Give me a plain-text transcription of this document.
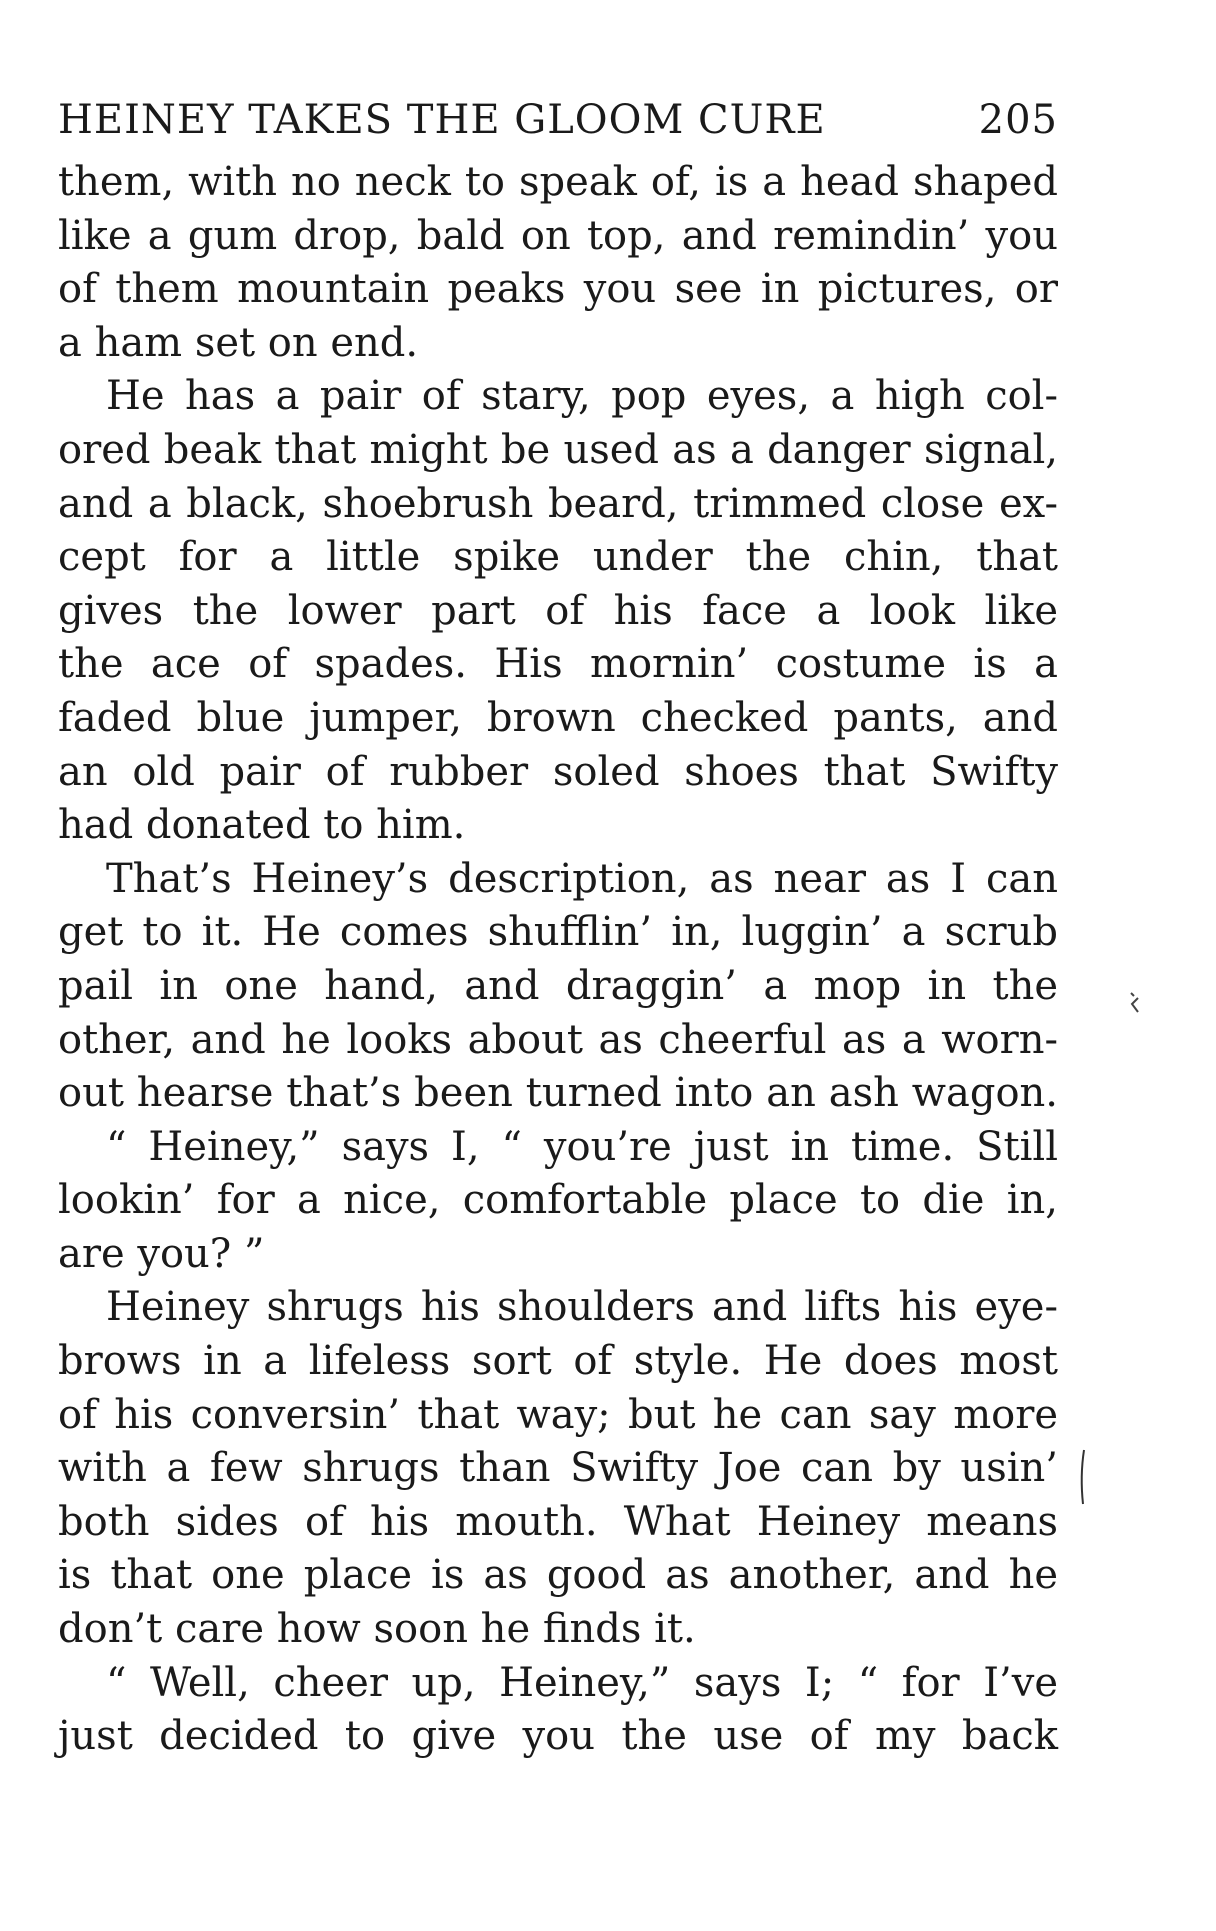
HEINEY TAKES THE GLOOM CURE	205
them, with no neck to speak of, is a head shaped
like a gum drop, bald on top, and remindin’ you
of them mountain peaks you see in pictures, or
a ham set on end.
He has a pair of stary, pop eyes, a high col-
ored beak that might be used as a danger signal,
and a black, shoebrush beard, trimmed close ex-
cept for a little spike under the chin, that
gives the lower part of his face a look like
the ace of spades. His mornin’ costume is a
faded blue jumper, brown checked pants, and
an old pair of rubber soled shoes that Swifty
had donated to him.
That’s Heiney’s description, as near as I can
get to it. He comes shufflin’ in, luggin’ a scrub
pail in one hand, and draggin’ a mop in the
other, and he looks about as cheerful as a worn-
out hearse that’s been turned into an ash wagon.
“ Heiney,” says I, “ you’re just in time. Still
lookin’ for a nice, comfortable place to die in,
are you? ”
Heiney shrugs his shoulders and lifts his eye-
brows in a lifeless sort of style. He does most
of his conversin’ that way; but he can say more
with a few shrugs than Swifty Joe can by usin’
both sides of his mouth. What Heiney means
is that one place is as good as another, and he
don’t care how soon he finds it.
“ Well, cheer up, Heiney,” says I; “ for I’ve
just decided to give you the use of my back
